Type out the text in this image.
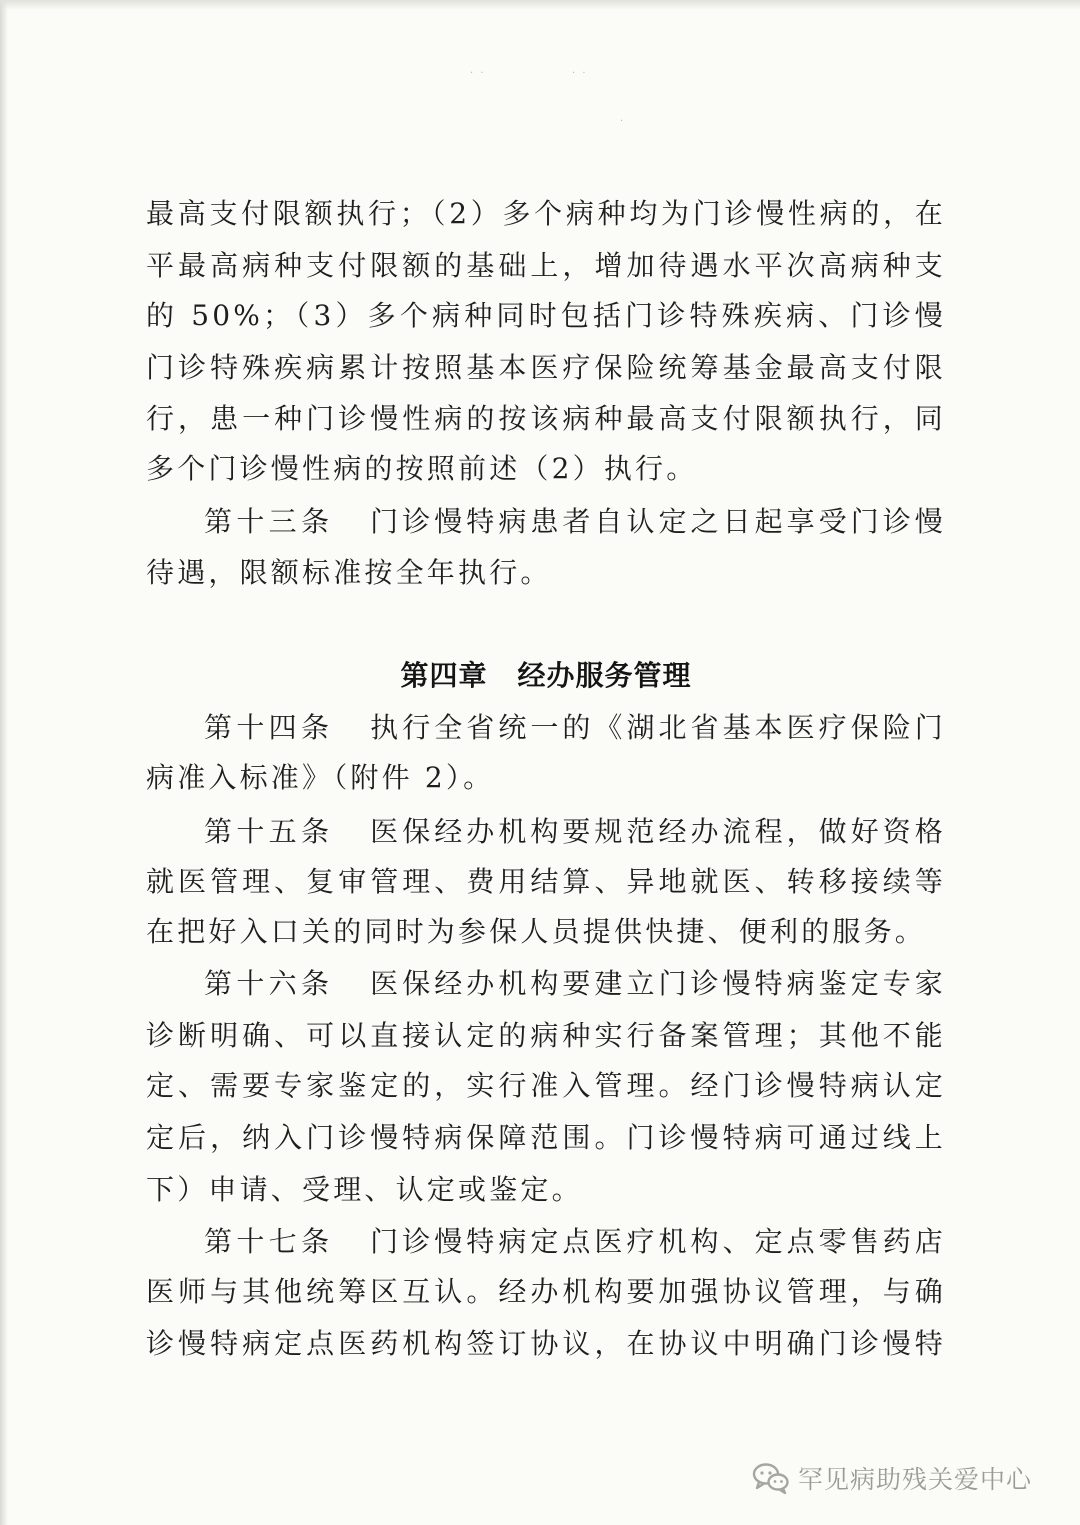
· ·	· ·
·
最高支付限额执行；（2）多个病种均为门诊慢性病的，在
平最高病种支付限额的基础上，增加待遇水平次高病种支
的 50%；（3）多个病种同时包括门诊特殊疾病、门诊慢
门诊特殊疾病累计按照基本医疗保险统筹基金最高支付限
行，患一种门诊慢性病的按该病种最高支付限额执行，同
多个门诊慢性病的按照前述（2）执行。
第十三条 门诊慢特病患者自认定之日起享受门诊慢
待遇，限额标准按全年执行。
第四章 经办服务管理
第十四条 执行全省统一的《湖北省基本医疗保险门
病准入标准》（附件 2）。
第十五条 医保经办机构要规范经办流程，做好资格
就医管理、复审管理、费用结算、异地就医、转移接续等
在把好入口关的同时为参保人员提供快捷、便利的服务。
第十六条 医保经办机构要建立门诊慢特病鉴定专家
诊断明确、可以直接认定的病种实行备案管理；其他不能
定、需要专家鉴定的，实行准入管理。经门诊慢特病认定
定后，纳入门诊慢特病保障范围。门诊慢特病可通过线上
下）申请、受理、认定或鉴定。
第十七条 门诊慢特病定点医疗机构、定点零售药店
医师与其他统筹区互认。经办机构要加强协议管理，与确
诊慢特病定点医药机构签订协议，在协议中明确门诊慢特
罕见病助残关爱中心
